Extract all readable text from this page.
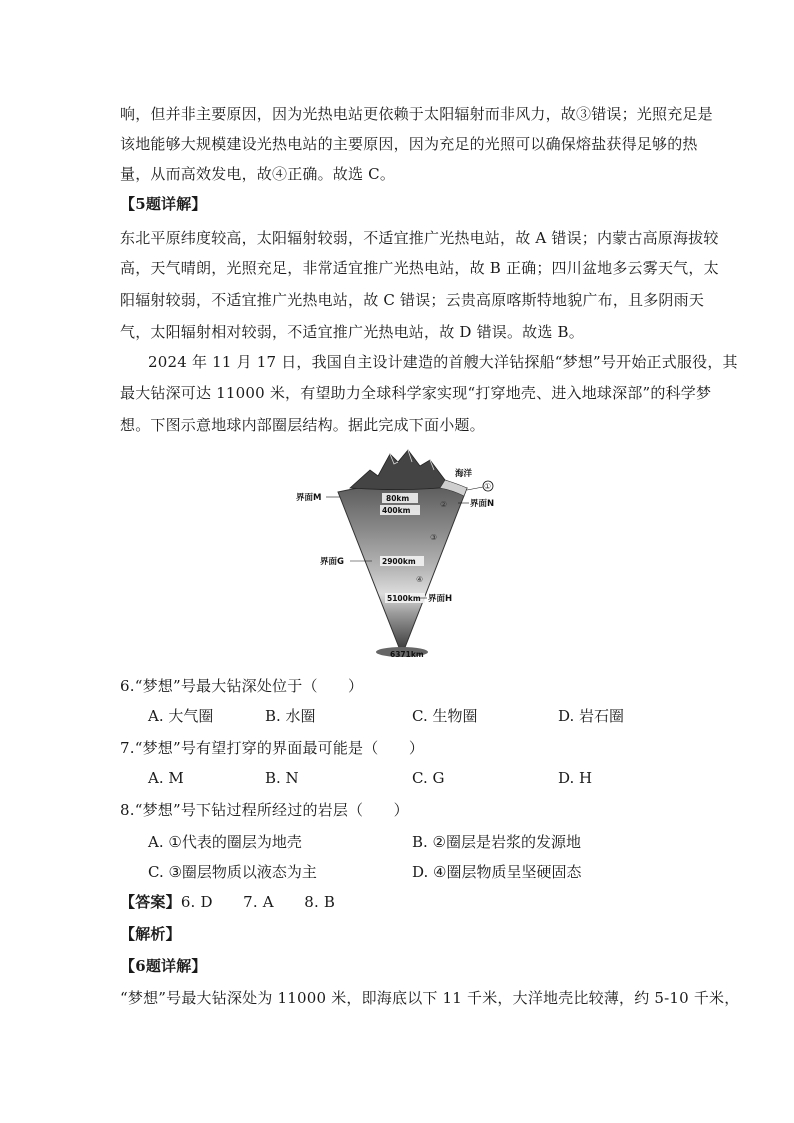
响，但并非主要原因，因为光热电站更依赖于太阳辐射而非风力，故③错误；光照充足是
该地能够大规模建设光热电站的主要原因，因为充足的光照可以确保熔盐获得足够的热
量，从而高效发电，故④正确。故选 C。
【5题详解】
东北平原纬度较高，太阳辐射较弱，不适宜推广光热电站，故 A 错误；内蒙古高原海拔较
高，天气晴朗，光照充足，非常适宜推广光热电站，故 B 正确；四川盆地多云雾天气，太
阳辐射较弱，不适宜推广光热电站，故 C 错误；云贵高原喀斯特地貌广布，且多阴雨天
气，太阳辐射相对较弱，不适宜推广光热电站，故 D 错误。故选 B。
2024 年 11 月 17 日，我国自主设计建造的首艘大洋钻探船“梦想”号开始正式服役，其
最大钻深可达 11000 米，有望助力全球科学家实现“打穿地壳、进入地球深部”的科学梦
想。下图示意地球内部圈层结构。据此完成下面小题。
80km
400km
2900km
5100km
6371km
②
③
④
海洋
①
界面M
界面N
界面G
界面H
6.“梦想”号最大钻深处位于（　　）
A. 大气圈	B. 水圈	C. 生物圈	D. 岩石圈
7.“梦想”号有望打穿的界面最可能是（　　）
A. M	B. N	C. G	D. H
8.“梦想”号下钻过程所经过的岩层（　　）
A. ①代表的圈层为地壳	B. ②圈层是岩浆的发源地
C. ③圈层物质以液态为主	D. ④圈层物质呈坚硬固态
【答案】6. D　　7. A　　8. B
【解析】
【6题详解】
“梦想”号最大钻深处为 11000 米，即海底以下 11 千米，大洋地壳比较薄，约 5-10 千米，
